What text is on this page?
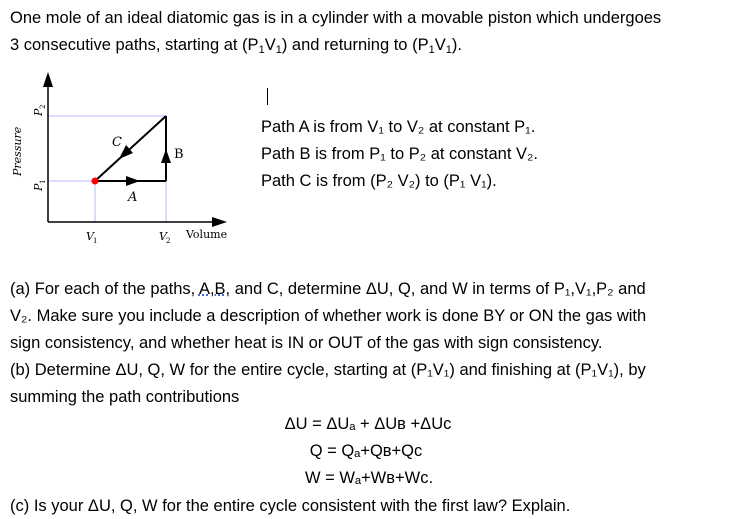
One mole of an ideal diatomic gas is in a cylinder with a movable piston which undergoes
3 consecutive paths, starting at $(P_1V_1)$ and returning to $(P_1V_1)$.
Pressure
Volume
P
2
P
1
V 1	V 2
A
B
C
Path A is from V₁ to V₂ at constant P₁.
Path B is from P₁ to P₂ at constant V₂.
Path C is from (P₂ V₂) to (P₁ V₁).
(a) For each of the paths, A,B, and C, determine ΔU, Q, and W in terms of P₁,V₁,P₂ and
V₂. Make sure you include a description of whether work is done BY or ON the gas with
sign consistency, and whether heat is IN or OUT of the gas with sign consistency.
(b) Determine ΔU, Q, W for the entire cycle, starting at (P₁V₁) and finishing at (P₁V₁), by
summing the path contributions
ΔU = ΔUₐ + ΔUʙ +ΔUᴄ
Q = Qₐ+Qʙ+Qᴄ
W = Wₐ+Wʙ+Wᴄ.
(c) Is your ΔU, Q, W for the entire cycle consistent with the first law? Explain.
